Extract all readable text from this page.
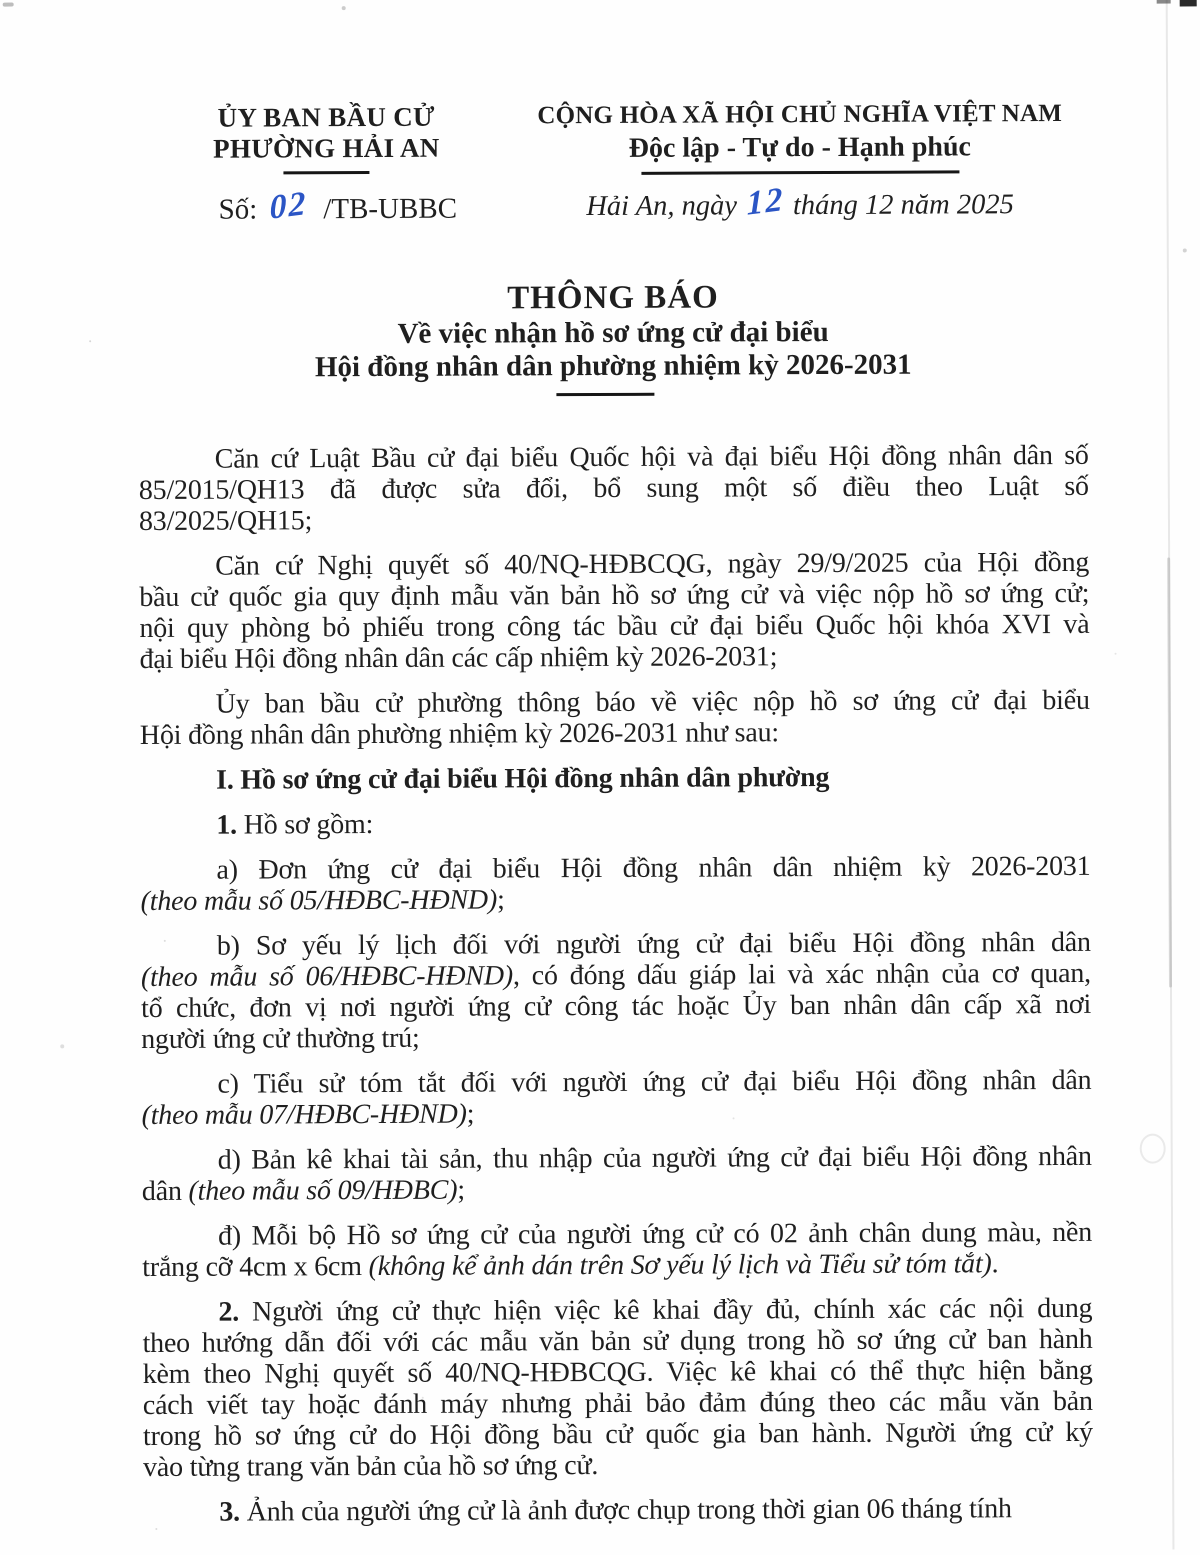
ỦY BAN BẦU CỬ
PHƯỜNG HẢI AN
Số: 02 /TB-UBBC
CỘNG HÒA XÃ HỘI CHỦ NGHĨA VIỆT NAM
Độc lập - Tự do - Hạnh phúc
Hải An, ngày 12 tháng 12 năm 2025
THÔNG BÁO
Về việc nhận hồ sơ ứng cử đại biểu
Hội đồng nhân dân phường nhiệm kỳ 2026-2031
Căn cứ Luật Bầu cử đại biểu Quốc hội và đại biểu Hội đồng nhân dân số
85/2015/QH13 đã được sửa đổi, bổ sung một số điều theo Luật số
83/2025/QH15;
Căn cứ Nghị quyết số 40/NQ-HĐBCQG, ngày 29/9/2025 của Hội đồng
bầu cử quốc gia quy định mẫu văn bản hồ sơ ứng cử và việc nộp hồ sơ ứng cử;
nội quy phòng bỏ phiếu trong công tác bầu cử đại biểu Quốc hội khóa XVI và
đại biểu Hội đồng nhân dân các cấp nhiệm kỳ 2026-2031;
Ủy ban bầu cử phường thông báo về việc nộp hồ sơ ứng cử đại biểu
Hội đồng nhân dân phường nhiệm kỳ 2026-2031 như sau:
I. Hồ sơ ứng cử đại biểu Hội đồng nhân dân phường
1. Hồ sơ gồm:
a) Đơn ứng cử đại biểu Hội đồng nhân dân nhiệm kỳ 2026-2031
(theo mẫu số 05/HĐBC-HĐND);
b) Sơ yếu lý lịch đối với người ứng cử đại biểu Hội đồng nhân dân
(theo mẫu số 06/HĐBC-HĐND), có đóng dấu giáp lai và xác nhận của cơ quan,
tổ chức, đơn vị nơi người ứng cử công tác hoặc Ủy ban nhân dân cấp xã nơi
người ứng cử thường trú;
c) Tiểu sử tóm tắt đối với người ứng cử đại biểu Hội đồng nhân dân
(theo mẫu 07/HĐBC-HĐND);
d) Bản kê khai tài sản, thu nhập của người ứng cử đại biểu Hội đồng nhân
dân (theo mẫu số 09/HĐBC);
đ) Mỗi bộ Hồ sơ ứng cử của người ứng cử có 02 ảnh chân dung màu, nền
trắng cỡ 4cm x 6cm (không kể ảnh dán trên Sơ yếu lý lịch và Tiểu sử tóm tắt).
2. Người ứng cử thực hiện việc kê khai đầy đủ, chính xác các nội dung
theo hướng dẫn đối với các mẫu văn bản sử dụng trong hồ sơ ứng cử ban hành
kèm theo Nghị quyết số 40/NQ-HĐBCQG. Việc kê khai có thể thực hiện bằng
cách viết tay hoặc đánh máy nhưng phải bảo đảm đúng theo các mẫu văn bản
trong hồ sơ ứng cử do Hội đồng bầu cử quốc gia ban hành. Người ứng cử ký
vào từng trang văn bản của hồ sơ ứng cử.
3. Ảnh của người ứng cử là ảnh được chụp trong thời gian 06 tháng tính
